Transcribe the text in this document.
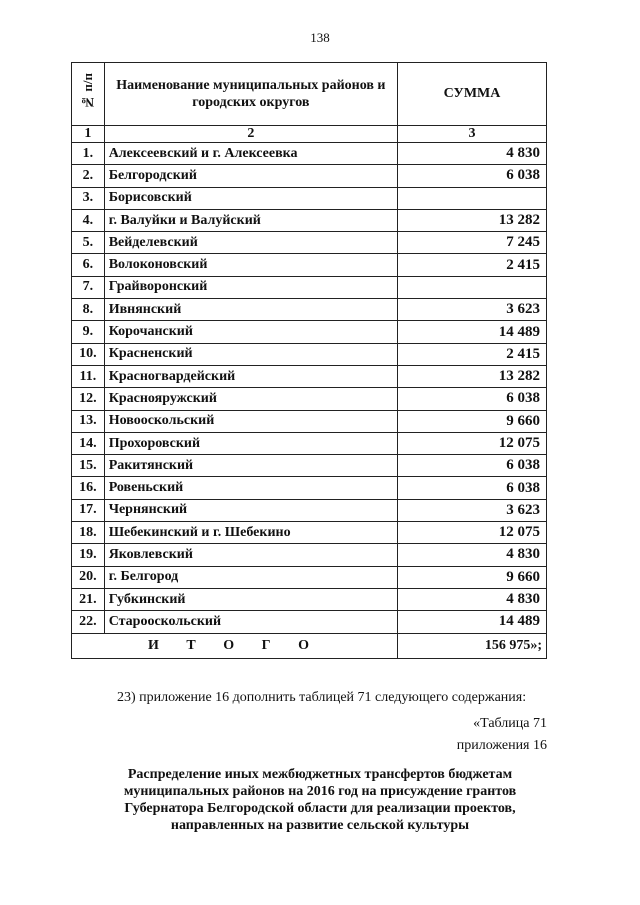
138
№ п/п	Наименование муниципальных районов и городских округов	СУММА
1	2	3
1.	Алексеевский и г. Алексеевка	4 830
2.	Белгородский	6 038
3.	Борисовский	
4.	г. Валуйки и Валуйский	13 282
5.	Вейделевский	7 245
6.	Волоконовский	2 415
7.	Грайворонский	
8.	Ивнянский	3 623
9.	Корочанский	14 489
10.	Красненский	2 415
11.	Красногвардейский	13 282
12.	Краснояружский	6 038
13.	Новооскольский	9 660
14.	Прохоровский	12 075
15.	Ракитянский	6 038
16.	Ровеньский	6 038
17.	Чернянский	3 623
18.	Шебекинский и г. Шебекино	12 075
19.	Яковлевский	4 830
20.	г. Белгород	9 660
21.	Губкинский	4 830
22.	Старооскольский	14 489
И Т О Г О		156 975»;
23) приложение 16 дополнить таблицей 71 следующего содержания:
«Таблица 71
приложения 16
Распределение иных межбюджетных трансфертов бюджетам муниципальных районов на 2016 год на присуждение грантов Губернатора Белгородской области для реализации проектов, направленных на развитие сельской культуры
